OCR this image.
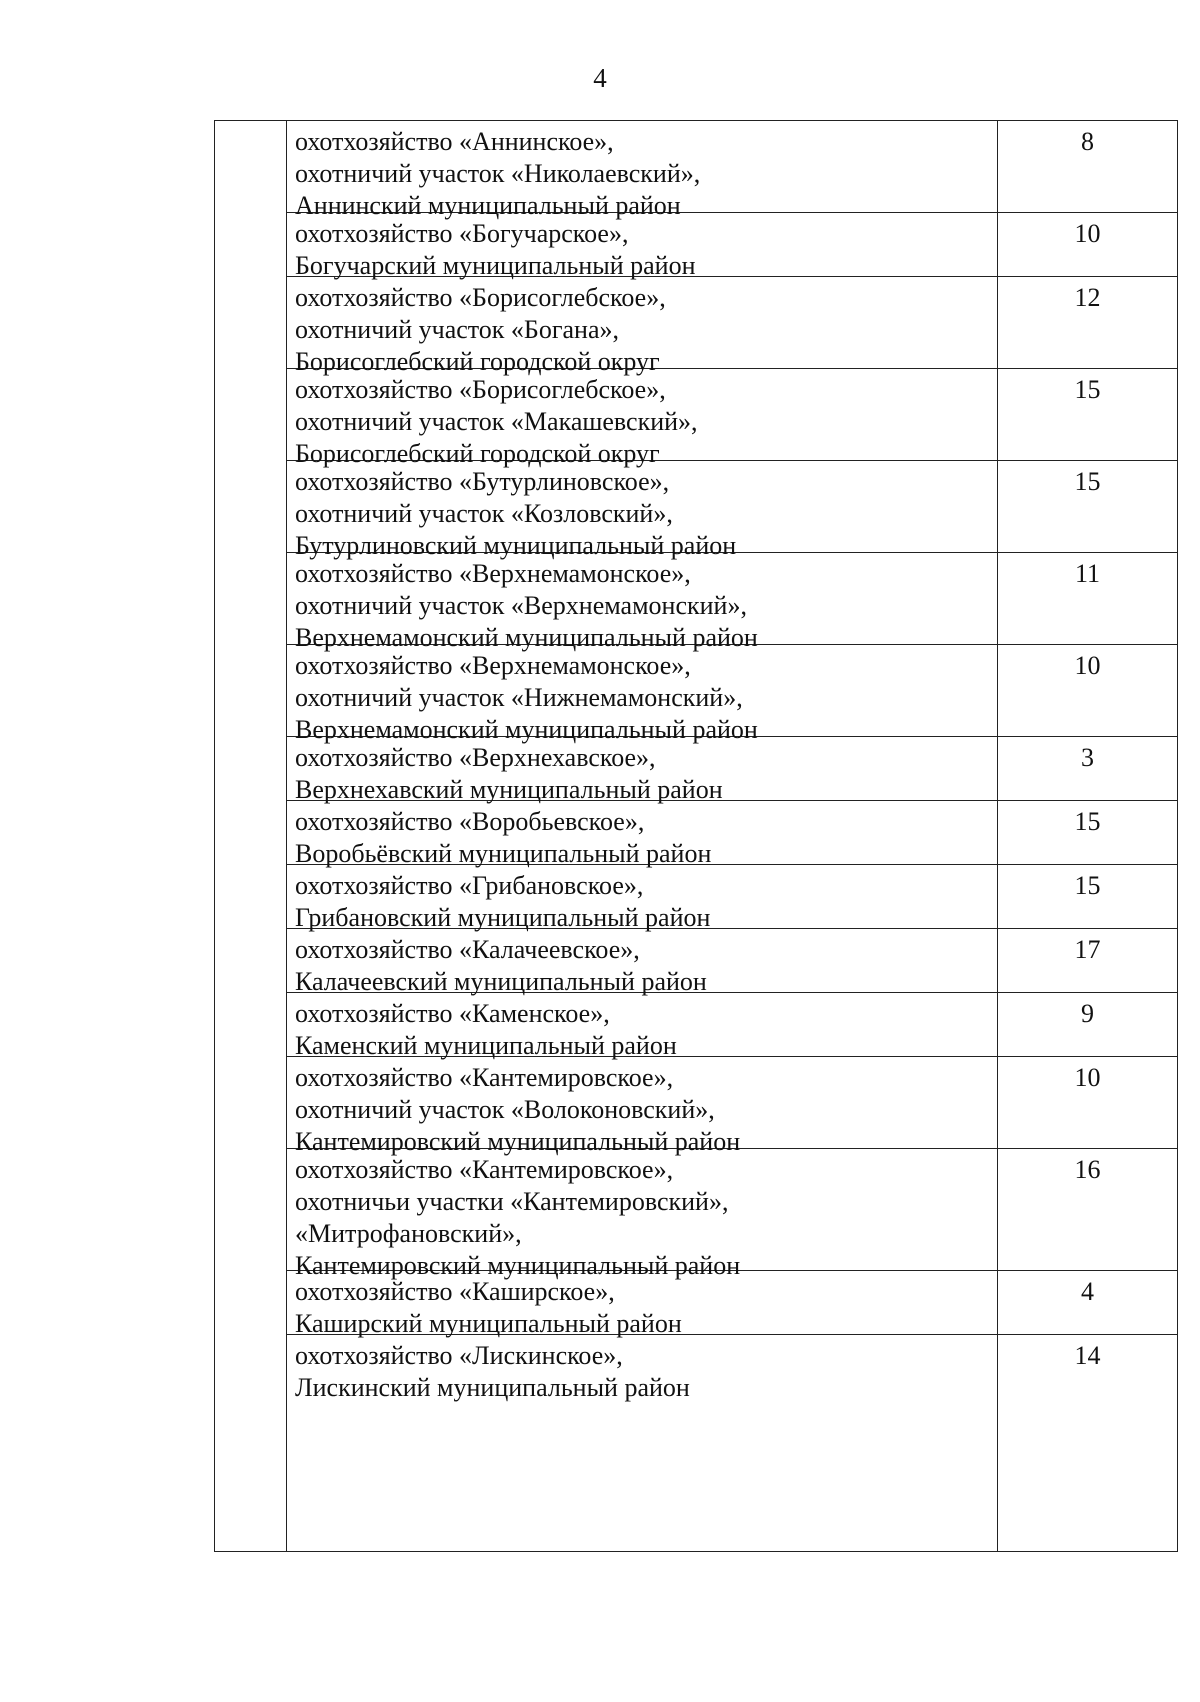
4
охотхозяйство «Аннинское»,
охотничий участок «Николаевский»,
Аннинский муниципальный район
8
охотхозяйство «Богучарское»,
Богучарский муниципальный район
10
охотхозяйство «Борисоглебское»,
охотничий участок «Богана»,
Борисоглебский городской округ
12
охотхозяйство «Борисоглебское»,
охотничий участок «Макашевский»,
Борисоглебский городской округ
15
охотхозяйство «Бутурлиновское»,
охотничий участок «Козловский»,
Бутурлиновский муниципальный район
15
охотхозяйство «Верхнемамонское»,
охотничий участок «Верхнемамонский»,
Верхнемамонский муниципальный район
11
охотхозяйство «Верхнемамонское»,
охотничий участок «Нижнемамонский»,
Верхнемамонский муниципальный район
10
охотхозяйство «Верхнехавское»,
Верхнехавский муниципальный район
3
охотхозяйство «Воробьевское»,
Воробьёвский муниципальный район
15
охотхозяйство «Грибановское»,
Грибановский муниципальный район
15
охотхозяйство «Калачеевское»,
Калачеевский муниципальный район
17
охотхозяйство «Каменское»,
Каменский муниципальный район
9
охотхозяйство «Кантемировское»,
охотничий участок «Волоконовский»,
Кантемировский муниципальный район
10
охотхозяйство «Кантемировское»,
охотничьи участки «Кантемировский»,
«Митрофановский»,
Кантемировский муниципальный район
16
охотхозяйство «Каширское»,
Каширский муниципальный район
4
охотхозяйство «Лискинское»,
Лискинский муниципальный район
14
